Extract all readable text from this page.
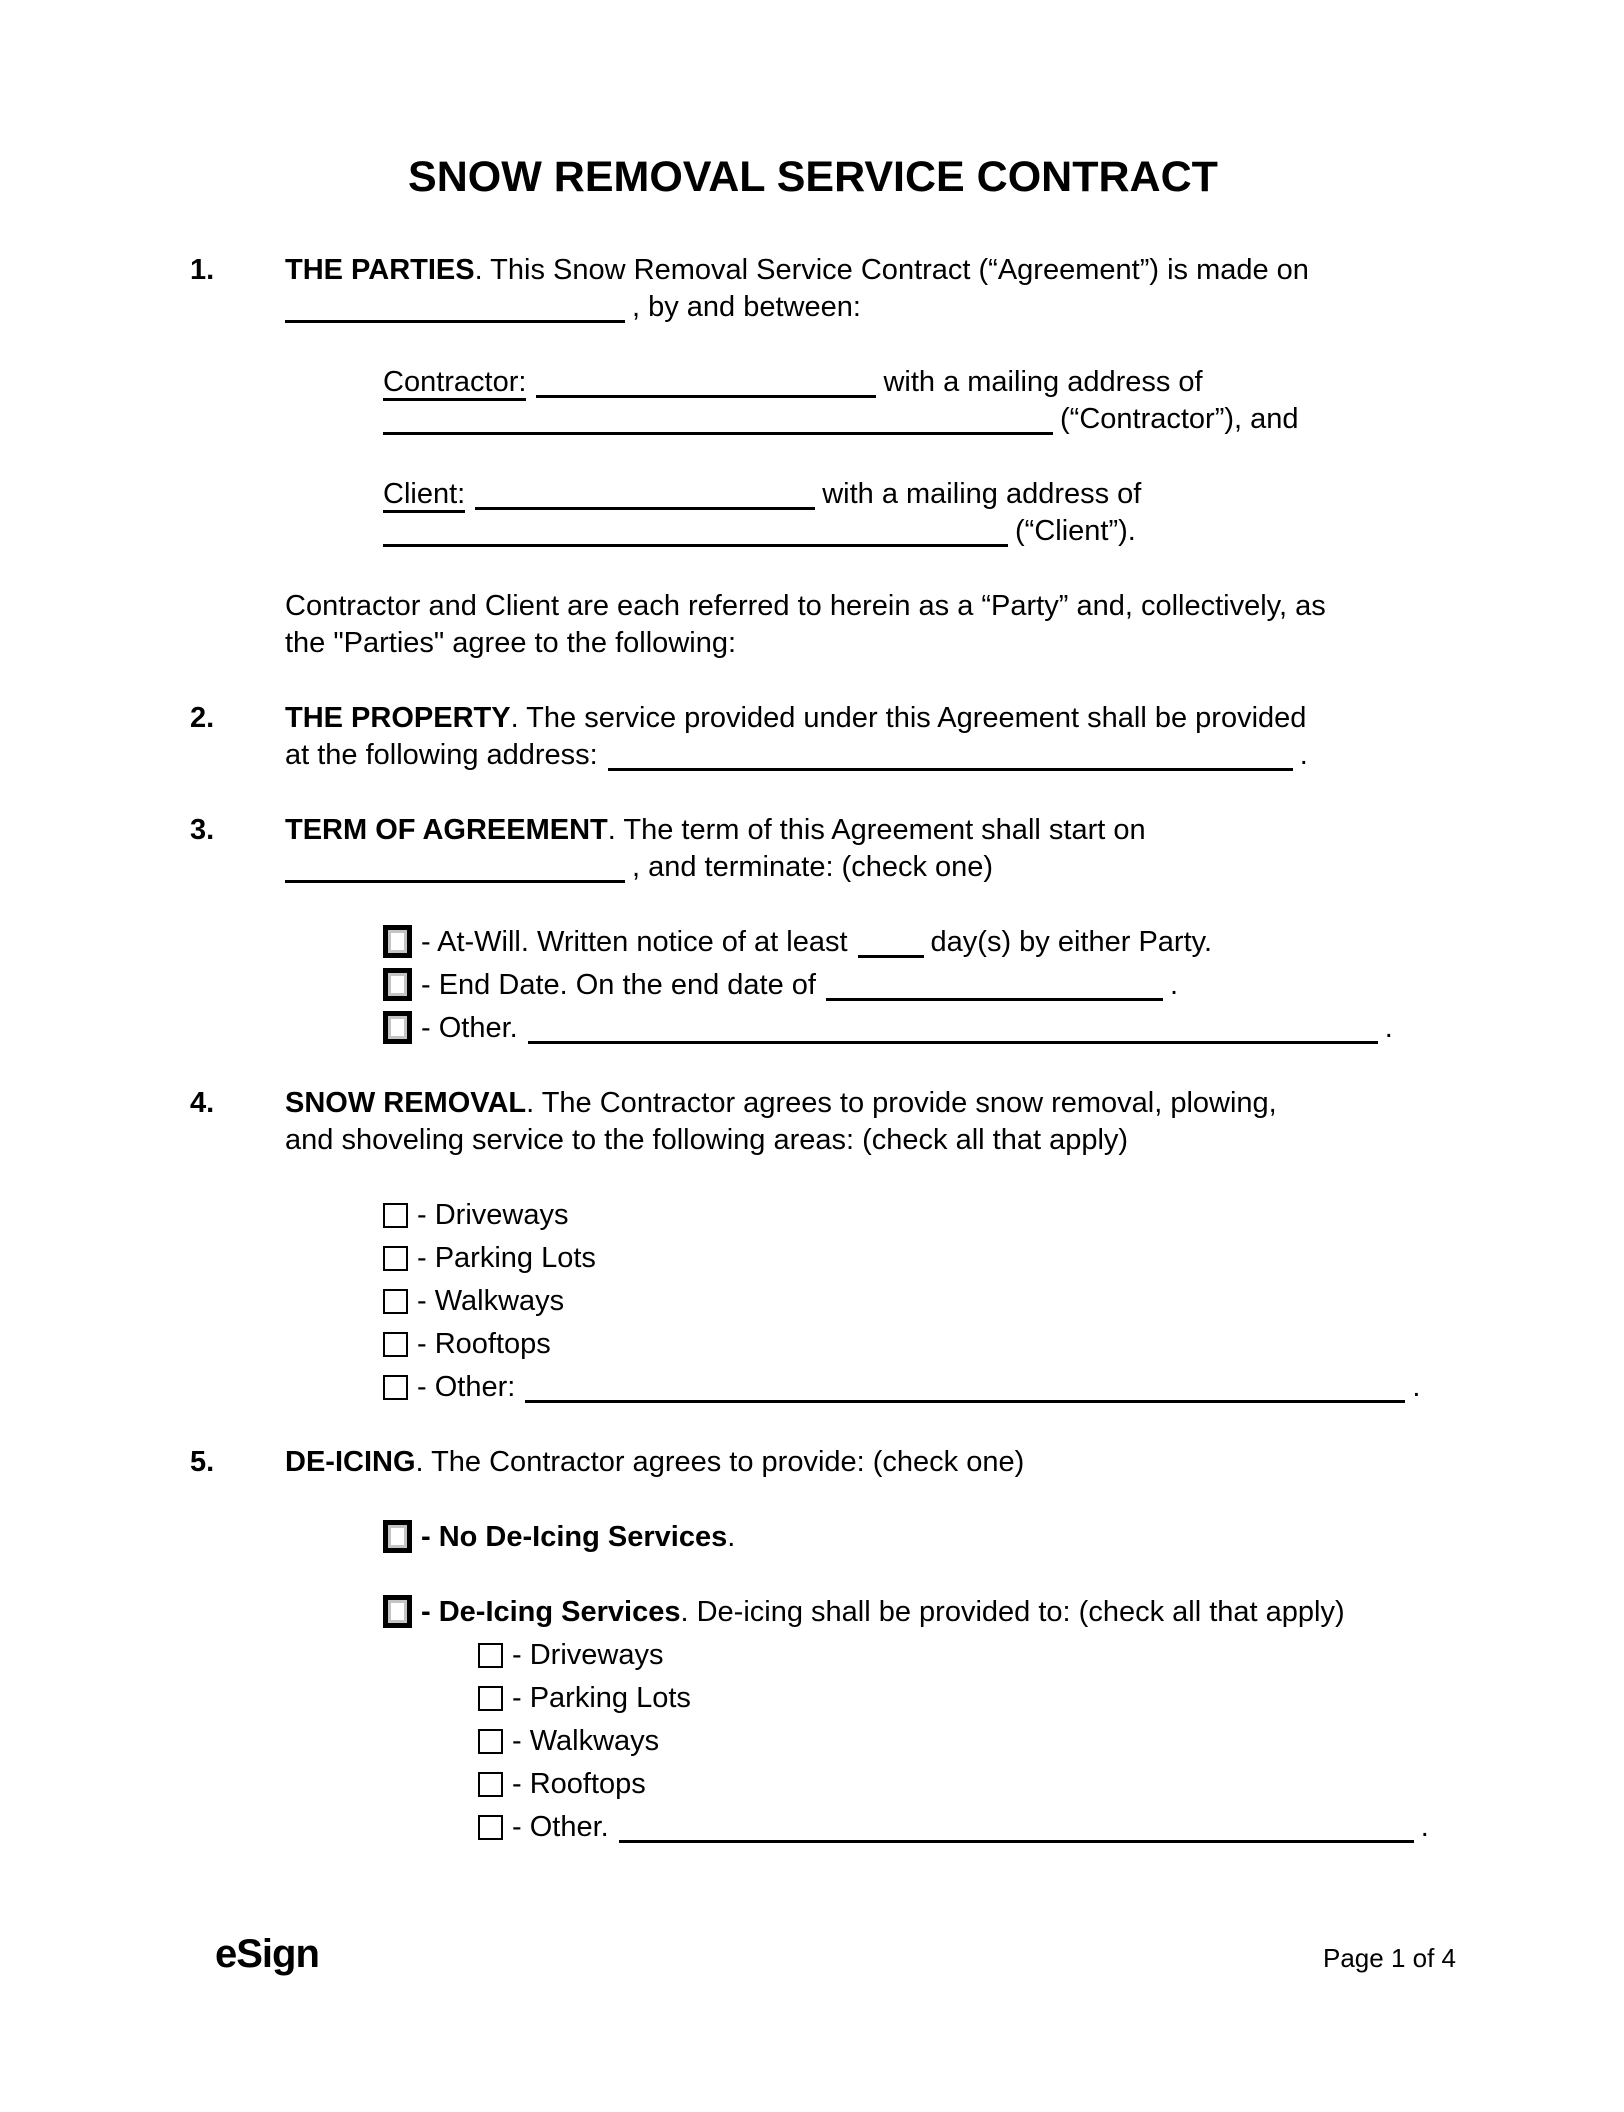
SNOW REMOVAL SERVICE CONTRACT
1.	THE PARTIES. This Snow Removal Service Contract (“Agreement”) is made on
, by and between:
Contractor:	with a mailing address of
(“Contractor”), and
Client:	with a mailing address of
(“Client”).
Contractor and Client are each referred to herein as a “Party” and, collectively, as
the "Parties" agree to the following:
2.	THE PROPERTY. The service provided under this Agreement shall be provided
at the following address:	.
3.	TERM OF AGREEMENT. The term of this Agreement shall start on
, and terminate: (check one)
- At-Will. Written notice of at least	day(s) by either Party.
- End Date. On the end date of	.
- Other.	.
4.	SNOW REMOVAL. The Contractor agrees to provide snow removal, plowing,
and shoveling service to the following areas: (check all that apply)
- Driveways
- Parking Lots
- Walkways
- Rooftops
- Other:	.
5.	DE-ICING. The Contractor agrees to provide: (check one)
- No De-Icing Services.
- De-Icing Services. De-icing shall be provided to: (check all that apply)
- Driveways
- Parking Lots
- Walkways
- Rooftops
- Other.	.
eSign	Page 1 of 4
